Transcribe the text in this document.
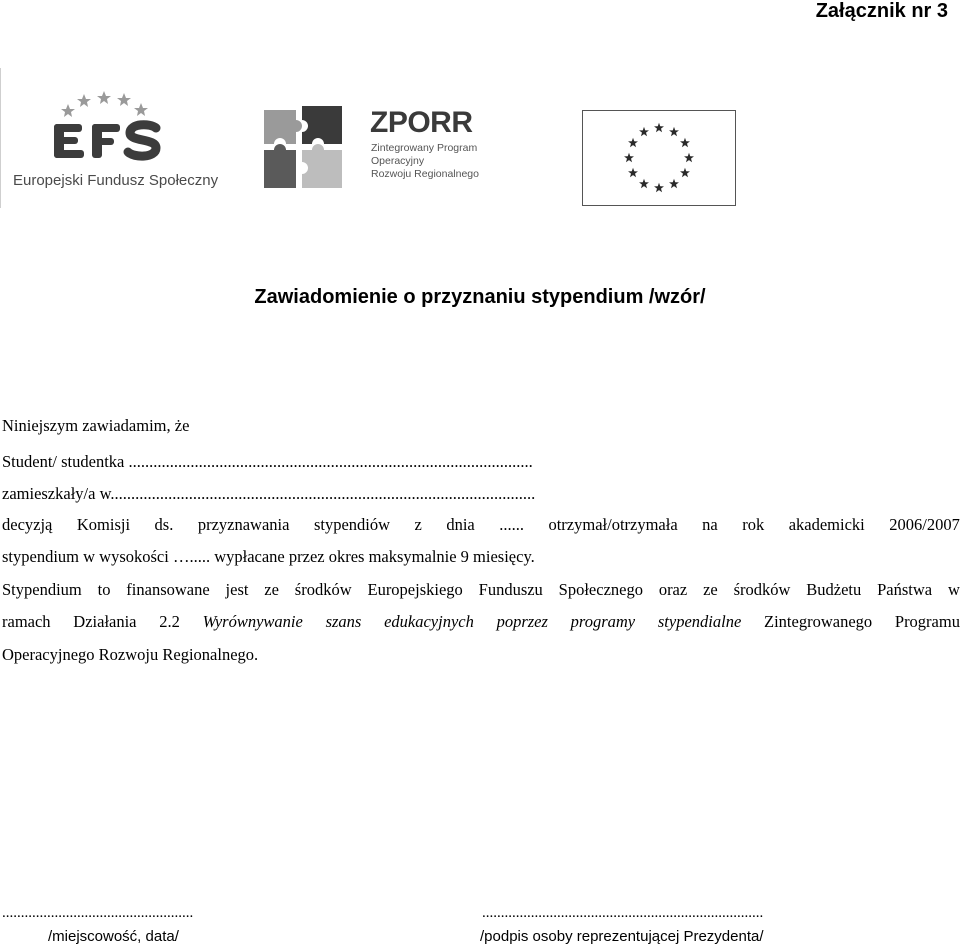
Załącznik nr 3
Europejski Fundusz Społeczny
ZPORR
Zintegrowany Program
Operacyjny
Rozwoju Regionalnego
Zawiadomienie o przyznaniu stypendium /wzór/
Niniejszym zawiadamim, że
Student/ studentka ..................................................................................................
zamieszkały/a w.......................................................................................................
decyzją Komisji ds. przyznawania stypendiów z dnia ...... otrzymał/otrzymała na rok akademicki 2006/2007
stypendium w wysokości …..... wypłacane przez okres maksymalnie 9 miesięcy.
Stypendium to finansowane jest ze środków Europejskiego Funduszu Społecznego oraz ze środków Budżetu Państwa w
ramach Działania 2.2 Wyrównywanie szans edukacyjnych poprzez programy stypendialne Zintegrowanego Programu
Operacyjnego Rozwoju Regionalnego.
...................................................
/miejscowość, data/
...........................................................................
/podpis osoby reprezentującej Prezydenta/
